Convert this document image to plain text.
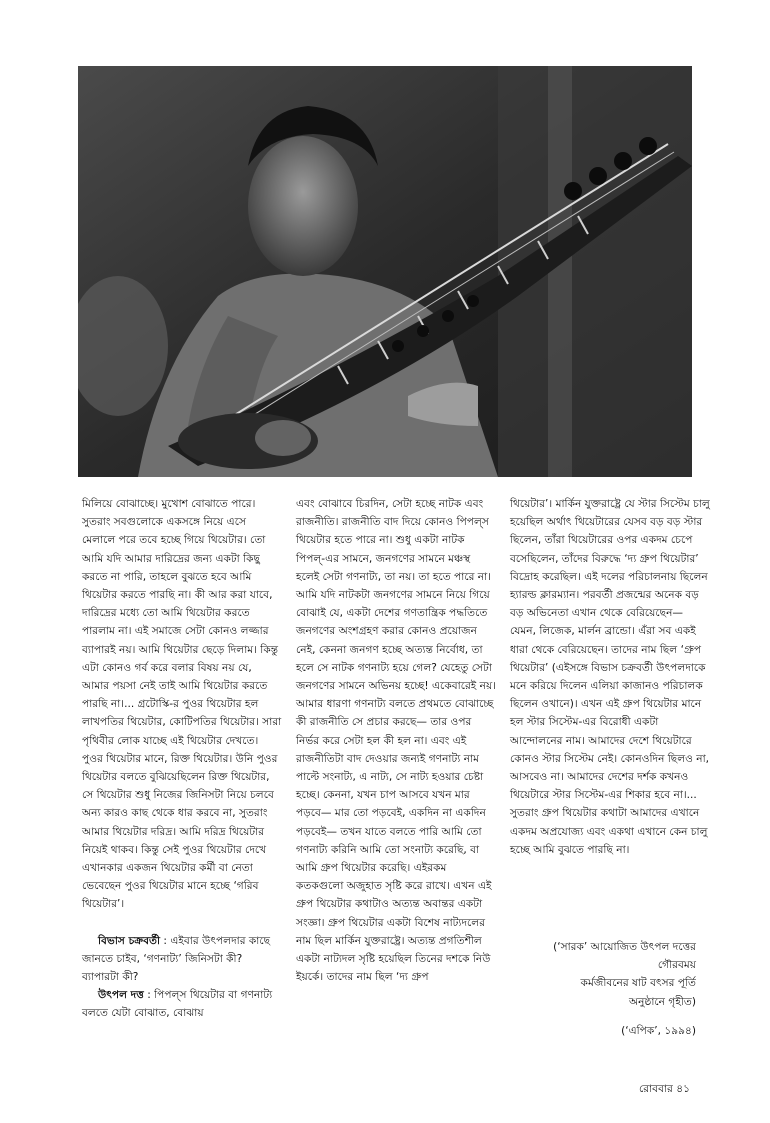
মিলিয়ে বোঝাচ্ছে। মুখোশ বোঝাতে পারে। সুতরাং সবগুলোকে একসঙ্গে নিয়ে এসে মেলালে পরে তবে হচ্ছে গিয়ে থিয়েটার। তো আমি যদি আমার দারিদ্রের জন্য একটা কিছু করতে না পারি, তাহলে বুঝতে হবে আমি থিয়েটার করতে পারছি না। কী আর করা যাবে, দারিদ্রের মধ্যে তো আমি থিয়েটার করতে পারলাম না। এই সমাজে সেটা কোনও লজ্জার ব্যাপারই নয়। আমি থিয়েটার ছেড়ে দিলাম। কিন্তু এটা কোনও গর্ব করে বলার বিষয় নয় যে, আমার পয়সা নেই তাই আমি থিয়েটার করতে পারছি না।... গ্রটোস্কি-র পুওর থিয়েটার হল লাখপতির থিয়েটার, কোটিপতির থিয়েটার। সারা পৃথিবীর লোক যাচ্ছে এই থিয়েটার দেখতে। পুওর থিয়েটার মানে, রিক্ত থিয়েটার। উনি পুওর থিয়েটার বলতে বুঝিয়েছিলেন রিক্ত থিয়েটার, সে থিয়েটার শুধু নিজের জিনিসটা নিয়ে চলবে অন্য কারও কাছ থেকে ধার করবে না, সুতরাং আমার থিয়েটার দরিদ্র। আমি দরিদ্র থিয়েটার নিয়েই থাকব। কিন্তু সেই পুওর থিয়েটার দেখে এখানকার একজন থিয়েটার কর্মী বা নেতা ভেবেছেন পুওর থিয়েটার মানে হচ্ছে ‘গরিব থিয়েটার’।

বিভাস চক্রবর্তী : এইবার উৎপলদার কাছে জানতে চাইব, ‘গণনাট্য’ জিনিসটা কী? ব্যাপারটা কী?

উৎপল দত্ত : পিপল্‌স থিয়েটার বা গণনাট্য বলতে যেটা বোঝাত, বোঝায়

এবং বোঝাবে চিরদিন, সেটা হচ্ছে নাটক এবং রাজনীতি। রাজনীতি বাদ দিয়ে কোনও পিপল্‌স থিয়েটার হতে পারে না। শুধু একটা নাটক পিপল্‌-এর সামনে, জনগণের সামনে মঞ্চস্থ হলেই সেটা গণনাট্য, তা নয়। তা হতে পারে না। আমি যদি নাটকটা জনগণের সামনে নিয়ে গিয়ে বোঝাই যে, একটা দেশের গণতান্ত্রিক পদ্ধতিতে জনগণের অংশগ্রহণ করার কোনও প্রয়োজন নেই, কেননা জনগণ হচ্ছে অত্যন্ত নির্বোধ, তা হলে সে নাটক গণনাট্য হয়ে গেল? যেহেতু সেটা জনগণের সামনে অভিনয় হচ্ছে! একেবারেই নয়। আমার ধারণা গণনাট্য বলতে প্রথমতে বোঝাচ্ছে কী রাজনীতি সে প্রচার করছে— তার ওপর নির্ভর করে সেটা হল কী হল না। এবং এই রাজনীতিটা বাদ দেওয়ার জন্যই গণনাট্য নাম পাল্টে সংনাট্য, এ নাট্য, সে নাট্য হওয়ার চেষ্টা হচ্ছে। কেননা, যখন চাপ আসবে যখন মার পড়বে— মার তো পড়বেই, একদিন না একদিন পড়বেই— তখন যাতে বলতে পারি আমি তো গণনাট্য করিনি আমি তো সংনাট্য করেছি, বা আমি গ্রুপ থিয়েটার করেছি। এইরকম কতকগুলো অজুহাত সৃষ্টি করে রাখে। এখন এই গ্রুপ থিয়েটার কথাটাও অত্যন্ত অবান্তর একটা সংজ্ঞা। গ্রুপ থিয়েটার একটা বিশেষ নাট্যদলের নাম ছিল মার্কিন যুক্তরাষ্ট্রে। অত্যন্ত প্রগতিশীল একটা নাট্যদল সৃষ্টি হয়েছিল তিনের দশকে নিউ ইয়র্কে। তাদের নাম ছিল ‘দ্য গ্রুপ

থিয়েটার’। মার্কিন যুক্তরাষ্ট্রে যে স্টার সিস্টেম চালু হয়েছিল অর্থাৎ থিয়েটারের যেসব বড় বড় স্টার ছিলেন, তাঁরা থিয়েটারের ওপর একদম চেপে বসেছিলেন, তাঁদের বিরুদ্ধে ‘দ্য গ্রুপ থিয়েটার’ বিদ্রোহ করেছিল। এই দলের পরিচালনায় ছিলেন হ্যারল্ড ক্লারম্যান। পরবর্তী প্রজন্মের অনেক বড় বড় অভিনেতা এখান থেকে বেরিয়েছেন— যেমন, লিজেক, মার্লন ব্রান্ডো। এঁরা সব একই ধারা থেকে বেরিয়েছেন। তাদের নাম ছিল ‘গ্রুপ থিয়েটার’ (এইসঙ্গে বিভাস চক্রবর্তী উৎপলদাকে মনে করিয়ে দিলেন এলিয়া কাজানও পরিচালক ছিলেন ওখানে)। এখন এই গ্রুপ থিয়েটার মানে হল স্টার সিস্টেম-এর বিরোধী একটা আন্দোলনের নাম। আমাদের দেশে থিয়েটারে কোনও স্টার সিস্টেম নেই। কোনওদিন ছিলও না, আসবেও না। আমাদের দেশের দর্শক কখনও থিয়েটারে স্টার সিস্টেম-এর শিকার হবে না।... সুতরাং গ্রুপ থিয়েটার কথাটা আমাদের এখানে একদম অপ্রযোজ্য এবং একথা এখানে কেন চালু হচ্ছে আমি বুঝতে পারছি না।

(‘সারক’ আয়োজিত উৎপল দত্তের

গৌরবময়

কর্মজীবনের ষাট বৎসর পূর্তি

অনুষ্ঠানে গৃহীত)

(‘এপিক’, ১৯৯৪)
রোববার ৪১
